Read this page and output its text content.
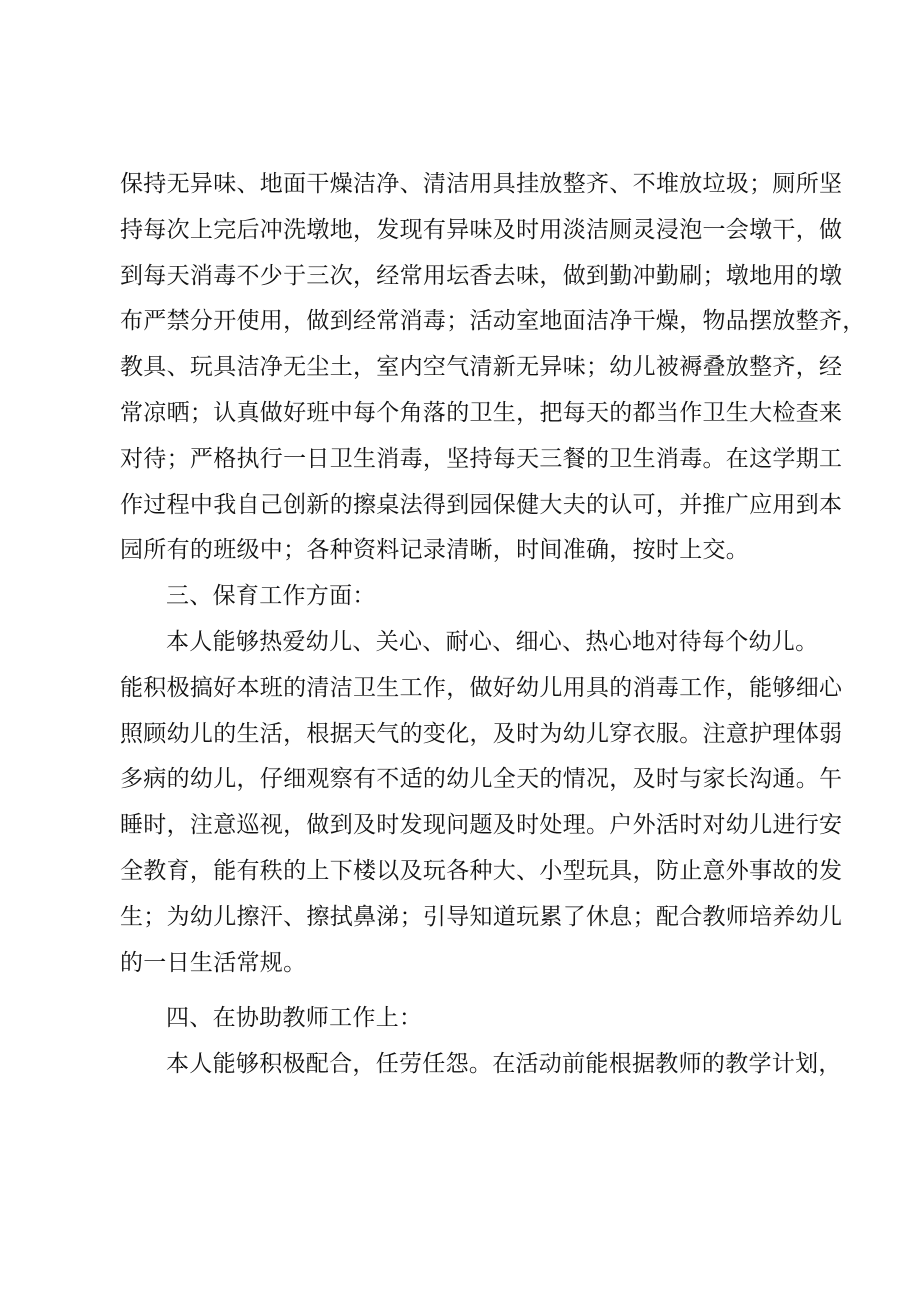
保持无异味、地面干燥洁净、清洁用具挂放整齐、不堆放垃圾；厕所坚
持每次上完后冲洗墩地，发现有异味及时用淡洁厕灵浸泡一会墩干，做
到每天消毒不少于三次，经常用坛香去味，做到勤冲勤刷；墩地用的墩
布严禁分开使用，做到经常消毒；活动室地面洁净干燥，物品摆放整齐，
教具、玩具洁净无尘土，室内空气清新无异味；幼儿被褥叠放整齐，经
常凉晒；认真做好班中每个角落的卫生，把每天的都当作卫生大检查来
对待；严格执行一日卫生消毒，坚持每天三餐的卫生消毒。在这学期工
作过程中我自己创新的擦桌法得到园保健大夫的认可，并推广应用到本
园所有的班级中；各种资料记录清晰，时间准确，按时上交。
三、保育工作方面：
本人能够热爱幼儿、关心、耐心、细心、热心地对待每个幼儿。
能积极搞好本班的清洁卫生工作，做好幼儿用具的消毒工作，能够细心
照顾幼儿的生活，根据天气的变化，及时为幼儿穿衣服。注意护理体弱
多病的幼儿，仔细观察有不适的幼儿全天的情况，及时与家长沟通。午
睡时，注意巡视，做到及时发现问题及时处理。户外活时对幼儿进行安
全教育，能有秩的上下楼以及玩各种大、小型玩具，防止意外事故的发
生；为幼儿擦汗、擦拭鼻涕；引导知道玩累了休息；配合教师培养幼儿
的一日生活常规。
四、在协助教师工作上：
本人能够积极配合，任劳任怨。在活动前能根据教师的教学计划，
